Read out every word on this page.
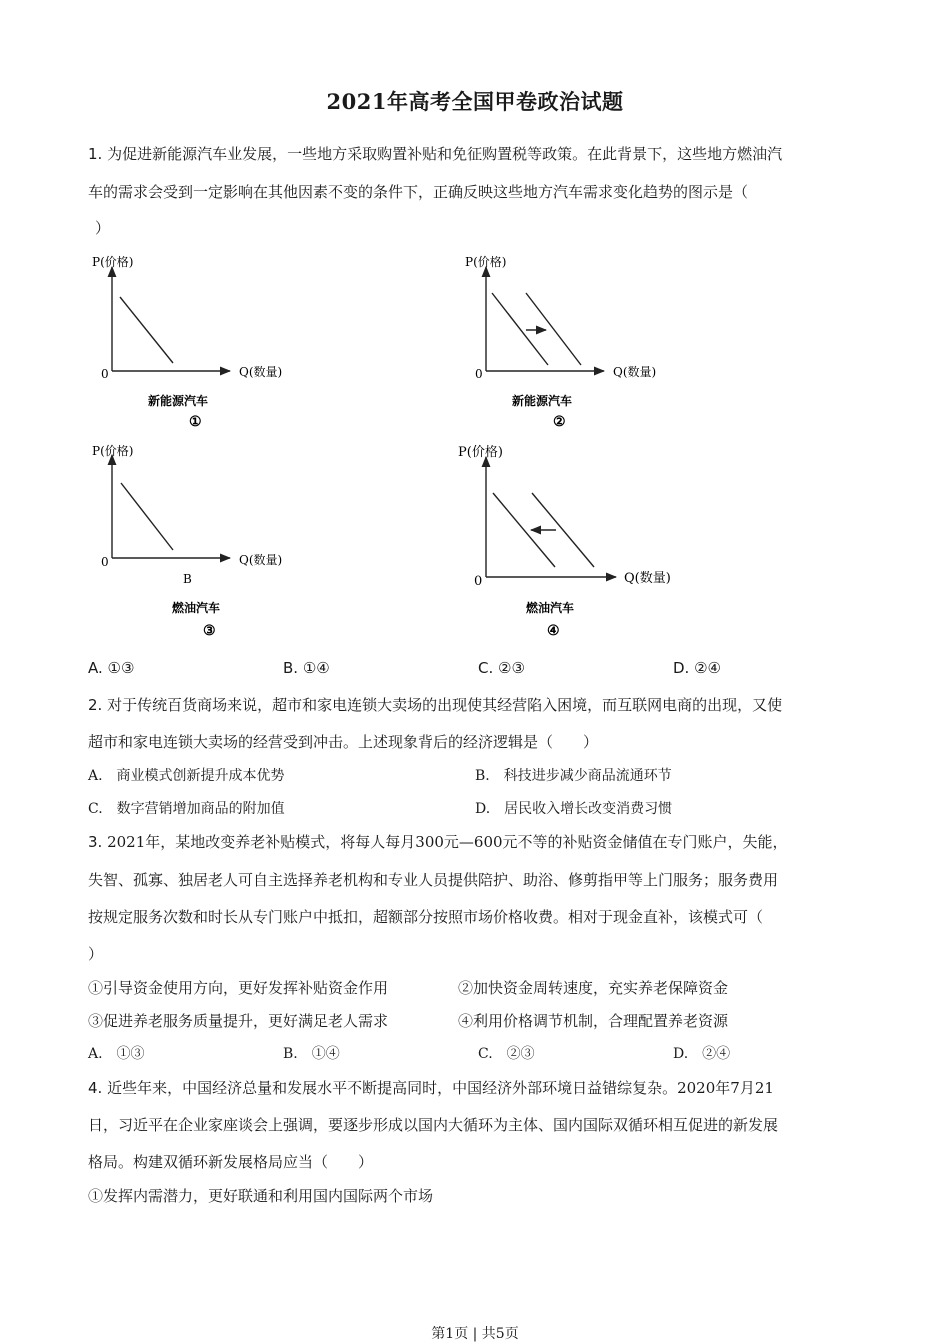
2021年高考全国甲卷政治试题
1. 为促进新能源汽车业发展，一些地方采取购置补贴和免征购置税等政策。在此背景下，这些地方燃油汽
车的需求会受到一定影响在其他因素不变的条件下，正确反映这些地方汽车需求变化趋势的图示是（
）
P(价格)
Q(数量)
0
新能源汽车
①
P(价格)
Q(数量)
0
新能源汽车
②
P(价格)
Q(数量)
0
B
燃油汽车
③
P(价格)
Q(数量)
0
燃油汽车
④
A. ①③	B. ①④	C. ②③	D. ②④
2. 对于传统百货商场来说，超市和家电连锁大卖场的出现使其经营陷入困境，而互联网电商的出现，又使
超市和家电连锁大卖场的经营受到冲击。上述现象背后的经济逻辑是（　　）
A.　商业模式创新提升成本优势	B.　科技进步减少商品流通环节
C.　数字营销增加商品的附加值	D.　居民收入增长改变消费习惯
3. 2021年，某地改变养老补贴模式，将每人每月300元—600元不等的补贴资金储值在专门账户，失能，
失智、孤寡、独居老人可自主选择养老机构和专业人员提供陪护、助浴、修剪指甲等上门服务；服务费用
按规定服务次数和时长从专门账户中抵扣，超额部分按照市场价格收费。相对于现金直补，该模式可（
）
①引导资金使用方向，更好发挥补贴资金作用	②加快资金周转速度，充实养老保障资金
③促进养老服务质量提升，更好满足老人需求	④利用价格调节机制，合理配置养老资源
A.　①③	B.　①④	C.　②③	D.　②④
4. 近些年来，中国经济总量和发展水平不断提高同时，中国经济外部环境日益错综复杂。2020年7月21
日，习近平在企业家座谈会上强调，要逐步形成以国内大循环为主体、国内国际双循环相互促进的新发展
格局。构建双循环新发展格局应当（　　）
①发挥内需潜力，更好联通和利用国内国际两个市场
第1页 | 共5页
